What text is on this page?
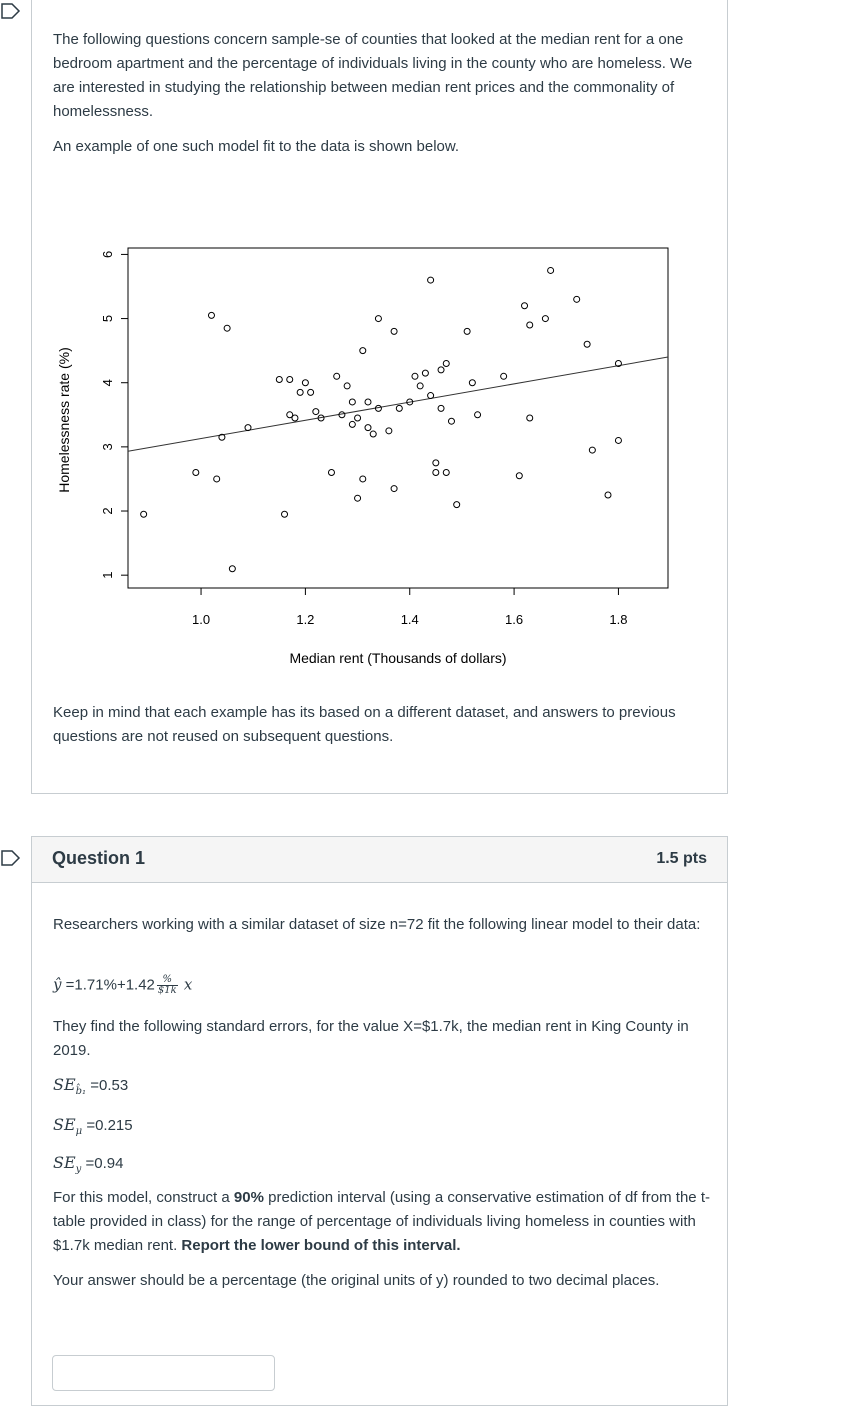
The following questions concern sample-se of counties that looked at the median rent for a one bedroom apartment and the percentage of individuals living in the county who are homeless. We are interested in studying the relationship between median rent prices and the commonality of homelessness.

An example of one such model fit to the data is shown below.

1
2
3
4
5
6
1.0	1.2	1.4	1.6	1.8
Median rent (Thousands of dollars)
Homelessness rate (%)

Keep in mind that each example has its based on a different dataset, and answers to previous questions are not reused on subsequent questions.

Question 1	1.5 pts

Researchers working with a similar dataset of size n=72 fit the following linear model to their data:

ŷ =1.71%+1.42 %
$1k x

They find the following standard errors, for the value X=$1.7k, the median rent in King County in 2019.

$SE_{b̂_1} =0.53$
$SE_\mu =0.215$
$SE_y =0.94$

For this model, construct a 90% prediction interval (using a conservative estimation of df from the t-table provided in class) for the range of percentage of individuals living homeless in counties with $1.7k median rent. Report the lower bound of this interval.

Your answer should be a percentage (the original units of y) rounded to two decimal places.
